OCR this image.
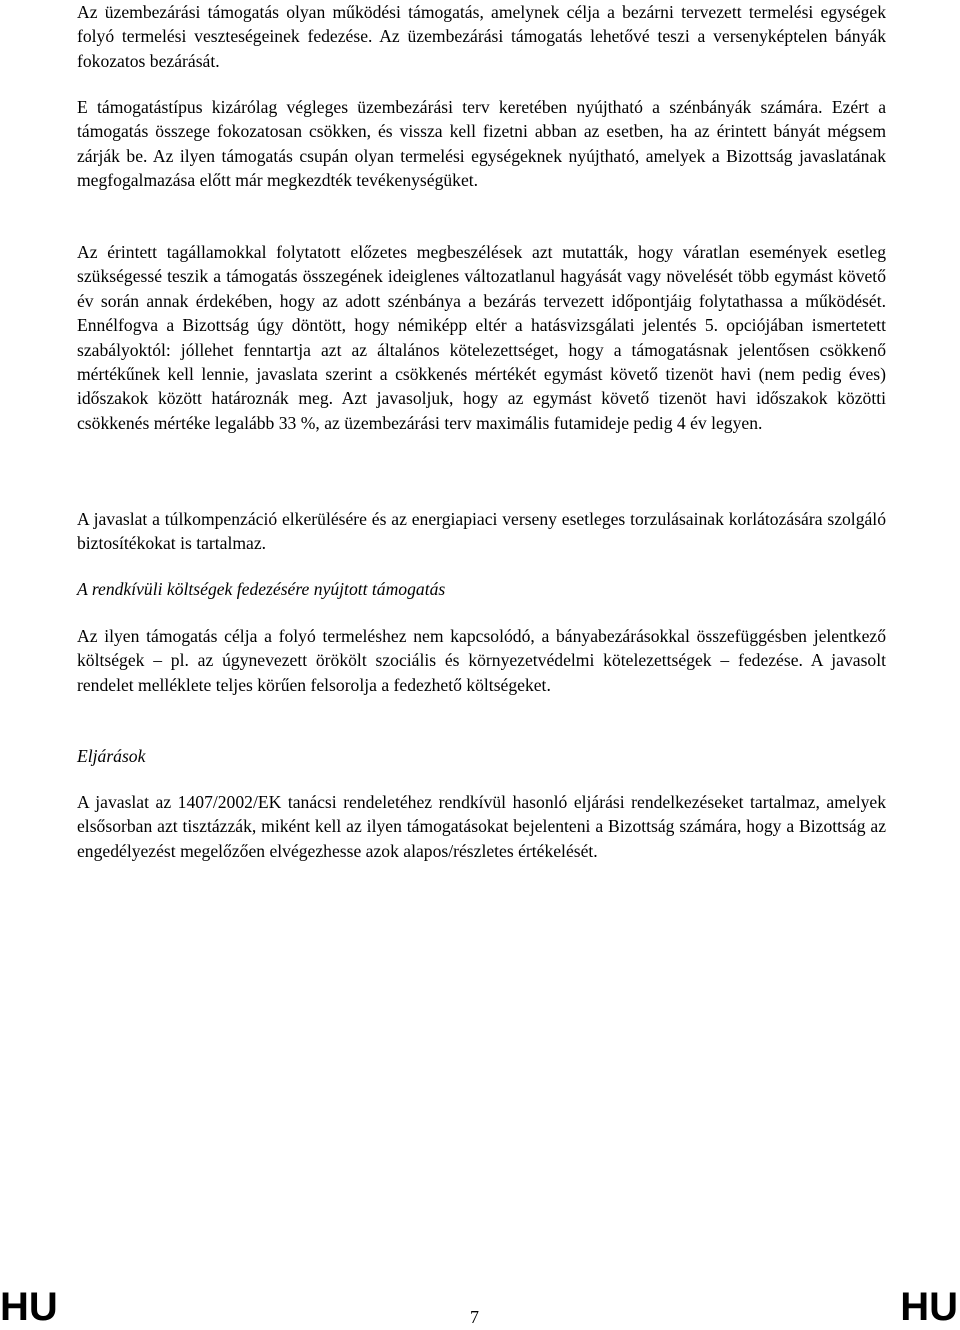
Az üzembezárási támogatás olyan működési támogatás, amelynek célja a bezárni tervezett termelési egységek folyó termelési veszteségeinek fedezése. Az üzembezárási támogatás lehetővé teszi a versenyképtelen bányák fokozatos bezárását.

E támogatástípus kizárólag végleges üzembezárási terv keretében nyújtható a szénbányák számára. Ezért a támogatás összege fokozatosan csökken, és vissza kell fizetni abban az esetben, ha az érintett bányát mégsem zárják be. Az ilyen támogatás csupán olyan termelési egységeknek nyújtható, amelyek a Bizottság javaslatának megfogalmazása előtt már megkezdték tevékenységüket.

Az érintett tagállamokkal folytatott előzetes megbeszélések azt mutatták, hogy váratlan események esetleg szükségessé teszik a támogatás összegének ideiglenes változatlanul hagyását vagy növelését több egymást követő év során annak érdekében, hogy az adott szénbánya a bezárás tervezett időpontjáig folytathassa a működését. Ennélfogva a Bizottság úgy döntött, hogy némiképp eltér a hatásvizsgálati jelentés 5. opciójában ismertetett szabályoktól: jóllehet fenntartja azt az általános kötelezettséget, hogy a támogatásnak jelentősen csökkenő mértékűnek kell lennie, javaslata szerint a csökkenés mértékét egymást követő tizenöt havi (nem pedig éves) időszakok között határoznák meg. Azt javasoljuk, hogy az egymást követő tizenöt havi időszakok közötti csökkenés mértéke legalább 33 %, az üzembezárási terv maximális futamideje pedig 4 év legyen.

A javaslat a túlkompenzáció elkerülésére és az energiapiaci verseny esetleges torzulásainak korlátozására szolgáló biztosítékokat is tartalmaz.

A rendkívüli költségek fedezésére nyújtott támogatás

Az ilyen támogatás célja a folyó termeléshez nem kapcsolódó, a bányabezárásokkal összefüggésben jelentkező költségek – pl. az úgynevezett örökölt szociális és környezetvédelmi kötelezettségek – fedezése. A javasolt rendelet melléklete teljes körűen felsorolja a fedezhető költségeket.

Eljárások

A javaslat az 1407/2002/EK tanácsi rendeletéhez rendkívül hasonló eljárási rendelkezéseket tartalmaz, amelyek elsősorban azt tisztázzák, miként kell az ilyen támogatásokat bejelenteni a Bizottság számára, hogy a Bizottság az engedélyezést megelőzően elvégezhesse azok alapos/részletes értékelését.

HU	7	HU
